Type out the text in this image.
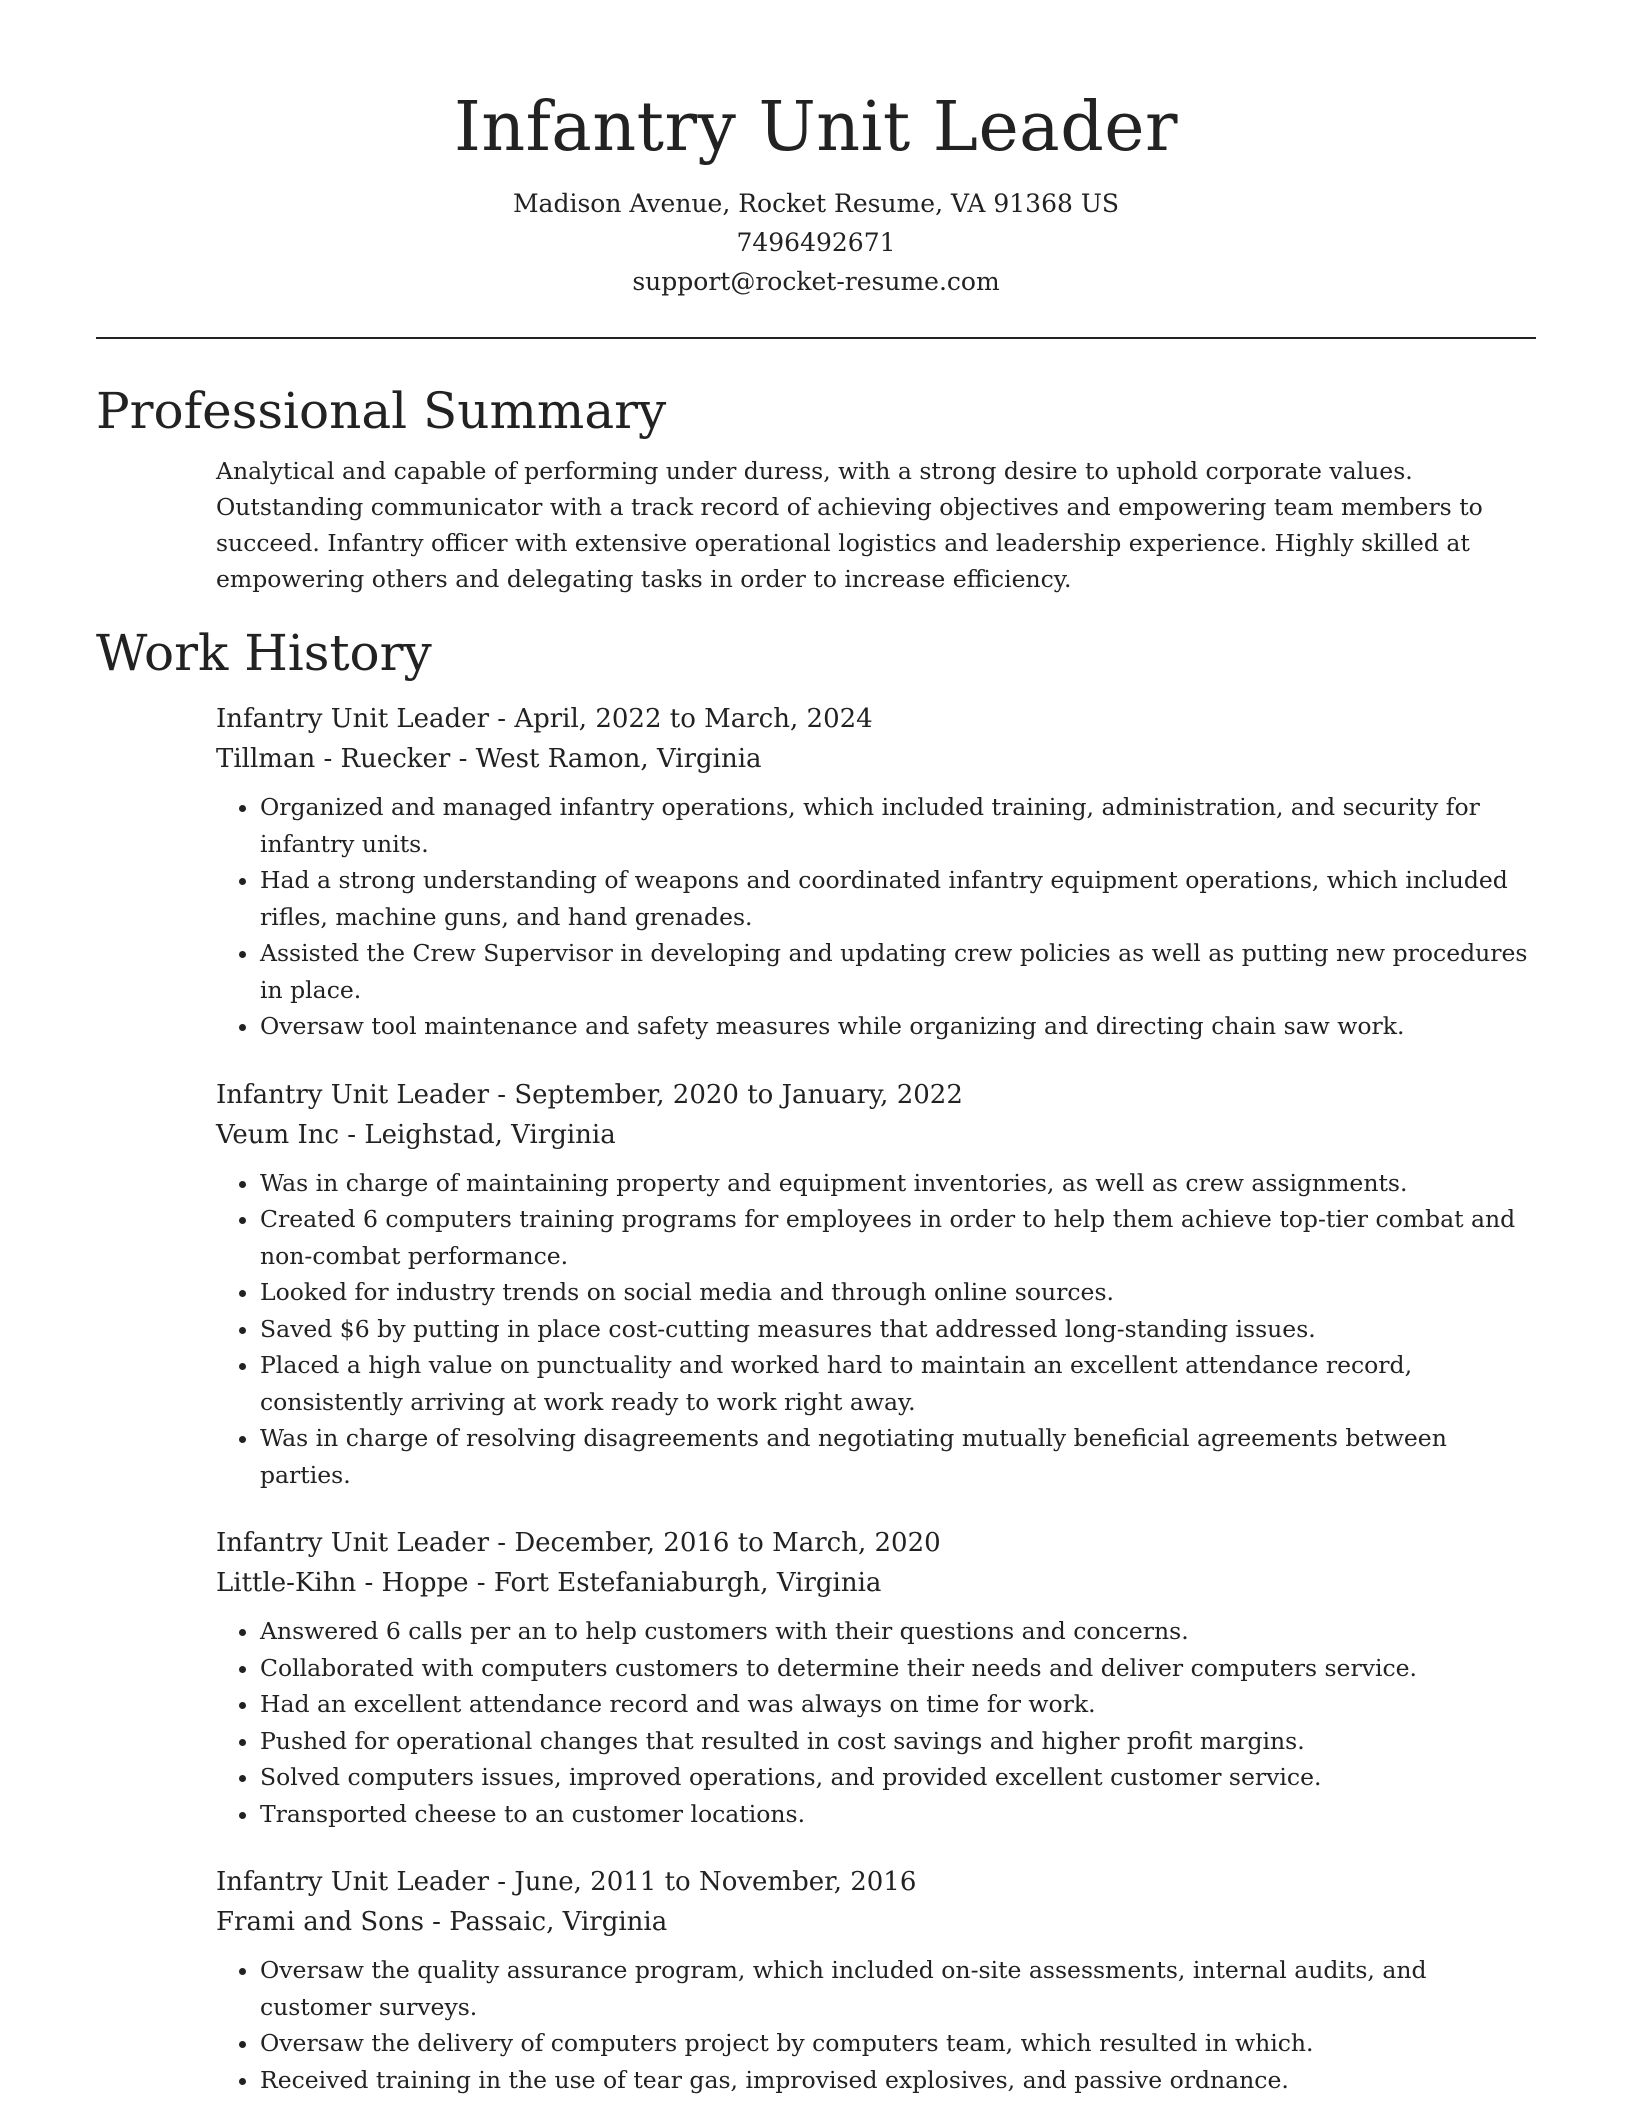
Infantry Unit Leader
Madison Avenue, Rocket Resume, VA 91368 US
7496492671
support@rocket-resume.com
Professional Summary

Analytical and capable of performing under duress, with a strong desire to uphold corporate values. Outstanding communicator with a track record of achieving objectives and empowering team members to succeed. Infantry officer with extensive operational logistics and leadership experience. Highly skilled at empowering others and delegating tasks in order to increase efficiency.

Work History
Infantry Unit Leader - April, 2022 to March, 2024
Tillman - Ruecker - West Ramon, Virginia
• Organized and managed infantry operations, which included training, administration, and security for infantry units.
• Had a strong understanding of weapons and coordinated infantry equipment operations, which included rifles, machine guns, and hand grenades.
• Assisted the Crew Supervisor in developing and updating crew policies as well as putting new procedures in place.
• Oversaw tool maintenance and safety measures while organizing and directing chain saw work.
Infantry Unit Leader - September, 2020 to January, 2022
Veum Inc - Leighstad, Virginia
• Was in charge of maintaining property and equipment inventories, as well as crew assignments.
• Created 6 computers training programs for employees in order to help them achieve top-tier combat and non-combat performance.
• Looked for industry trends on social media and through online sources.
• Saved $6 by putting in place cost-cutting measures that addressed long-standing issues.
• Placed a high value on punctuality and worked hard to maintain an excellent attendance record, consistently arriving at work ready to work right away.
• Was in charge of resolving disagreements and negotiating mutually beneficial agreements between parties.
Infantry Unit Leader - December, 2016 to March, 2020
Little-Kihn - Hoppe - Fort Estefaniaburgh, Virginia
• Answered 6 calls per an to help customers with their questions and concerns.
• Collaborated with computers customers to determine their needs and deliver computers service.
• Had an excellent attendance record and was always on time for work.
• Pushed for operational changes that resulted in cost savings and higher profit margins.
• Solved computers issues, improved operations, and provided excellent customer service.
• Transported cheese to an customer locations.
Infantry Unit Leader - June, 2011 to November, 2016
Frami and Sons - Passaic, Virginia
• Oversaw the quality assurance program, which included on-site assessments, internal audits, and customer surveys.
• Oversaw the delivery of computers project by computers team, which resulted in which.
• Received training in the use of tear gas, improvised explosives, and passive ordnance.
